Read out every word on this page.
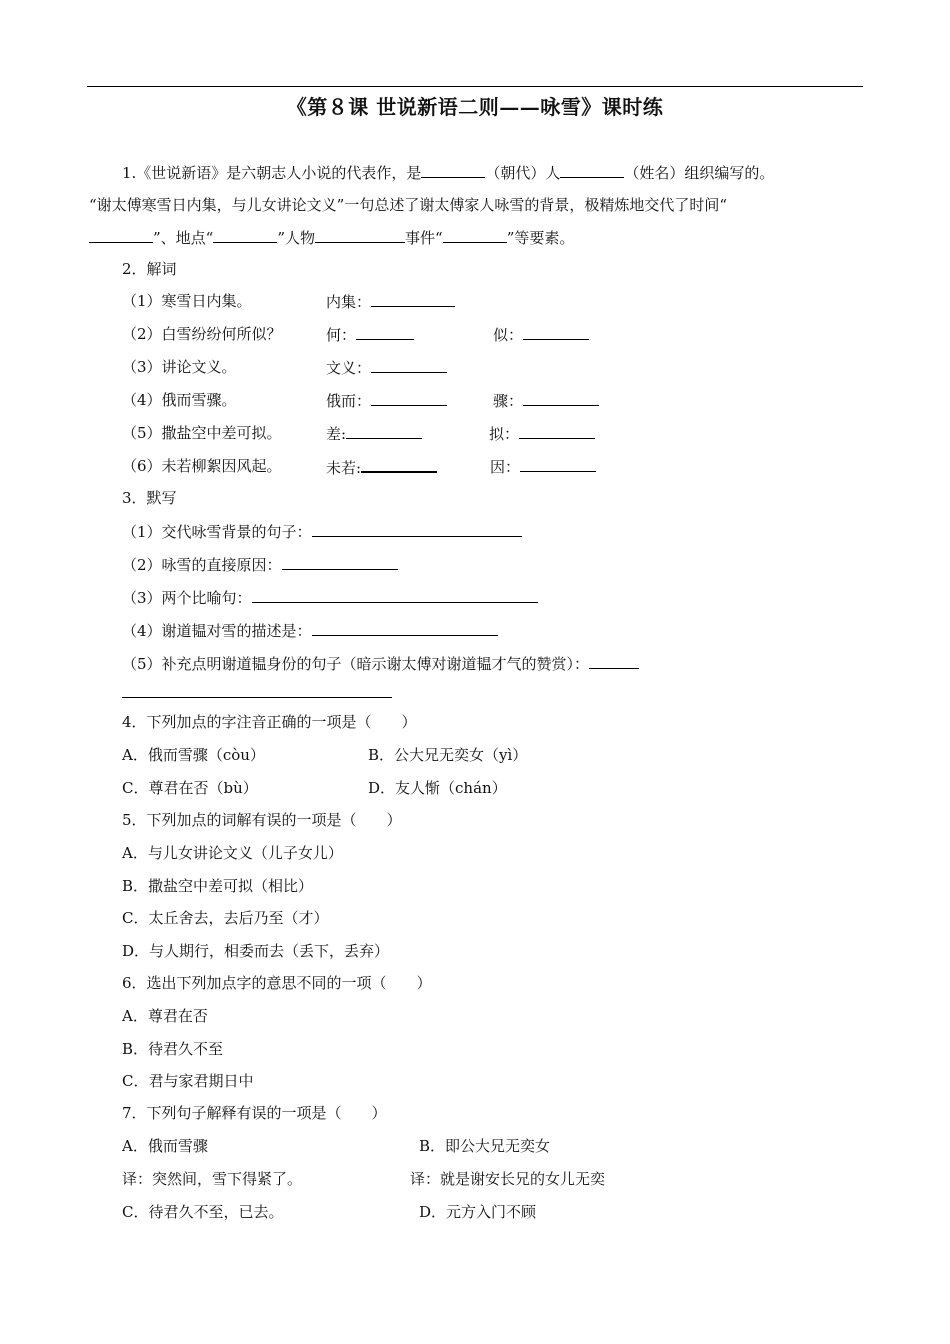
《第８课 世说新语二则——咏雪》课时练
1.《世说新语》是六朝志人小说的代表作，是	（朝代）人	（姓名）组织编写的。
“谢太傅寒雪日内集，与儿女讲论文义”一句总述了谢太傅家人咏雪的背景，极精炼地交代了时间“
”、地点“	”人物	事件“	”等要素。
2．解词
（1）寒雪日内集。	内集：
（2）白雪纷纷何所似？	何：	似：
（3）讲论文义。	文义：
（4）俄而雪骤。	俄而：	骤：
（5）撒盐空中差可拟。	差:	拟：
（6）未若柳絮因风起。	未若:	因：
3．默写
（1）交代咏雪背景的句子：
（2）咏雪的直接原因：
（3）两个比喻句：
（4）谢道韫对雪的描述是：
（5）补充点明谢道韫身份的句子（暗示谢太傅对谢道韫才气的赞赏）：
4．下列加点的字注音正确的一项是（　　）
A．俄而雪骤（còu）	B．公大兄无奕女（yì）
C．尊君在否（bù）	D．友人惭（chán）
5．下列加点的词解有误的一项是（　　）
A．与儿女讲论文义（儿子女儿）
B．撒盐空中差可拟（相比）
C．太丘舍去，去后乃至（才）
D．与人期行，相委而去（丢下，丢弃）
6．选出下列加点字的意思不同的一项（　　）
A．尊君在否
B．待君久不至
C．君与家君期日中
7．下列句子解释有误的一项是（　　）
A．俄而雪骤	B．即公大兄无奕女
译：突然间，雪下得紧了。	译：就是谢安长兄的女儿无奕
C．待君久不至，已去。	D．元方入门不顾
